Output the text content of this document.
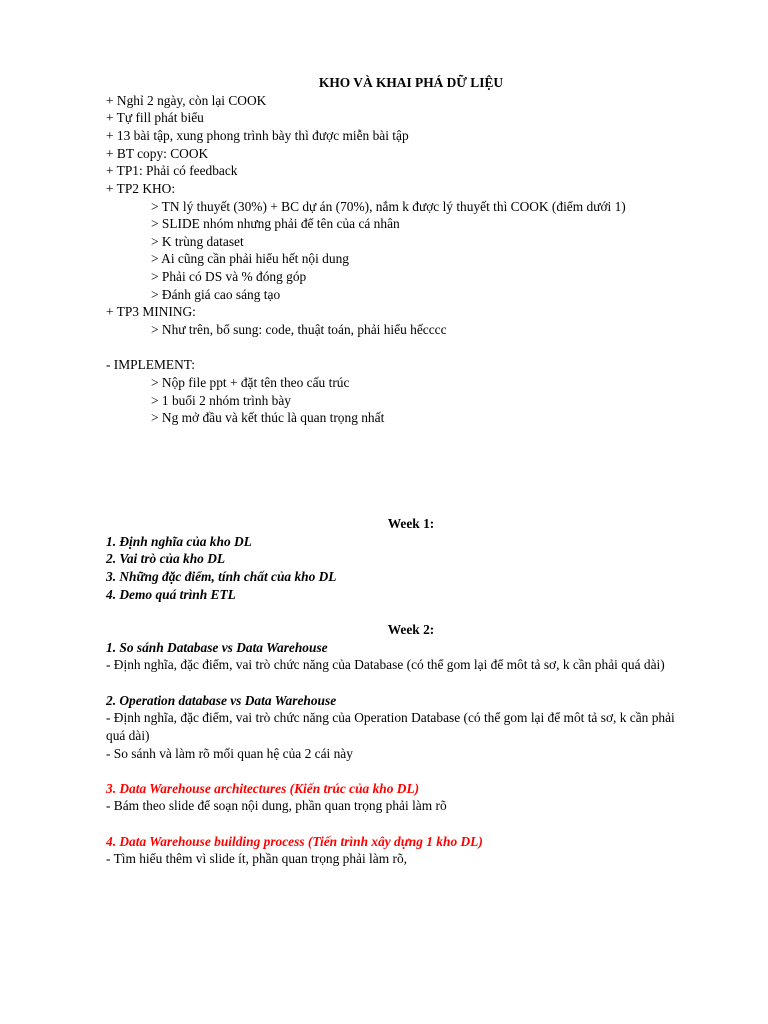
KHO VÀ KHAI PHÁ DỮ LIỆU
+ Nghỉ 2 ngày, còn lại COOK
+ Tự fill phát biểu
+ 13 bài tập, xung phong trình bày thì được miễn bài tập
+ BT copy: COOK
+ TP1: Phải có feedback
+ TP2 KHO:
> TN lý thuyết (30%) + BC dự án (70%), nắm k được lý thuyết thì COOK (điểm dưới 1)
> SLIDE nhóm nhưng phải để tên của cá nhân
> K trùng dataset
> Ai cũng cần phải hiểu hết nội dung
> Phải có DS và % đóng góp
> Đánh giá cao sáng tạo
+ TP3 MINING:
> Như trên, bổ sung: code, thuật toán, phải hiểu hếcccc
- IMPLEMENT:
> Nộp file ppt + đặt tên theo cấu trúc
> 1 buổi 2 nhóm trình bày
> Ng mở đầu và kết thúc là quan trọng nhất
Week 1:
1. Định nghĩa của kho DL
2. Vai trò của kho DL
3. Những đặc điểm, tính chất của kho DL
4. Demo quá trình ETL
Week 2:
1. So sánh Database vs Data Warehouse
- Định nghĩa, đặc điểm, vai trò chức năng của Database (có thể gom lại để môt tả sơ, k cần phải quá dài)
2. Operation database vs Data Warehouse
- Định nghĩa, đặc điểm, vai trò chức năng của Operation Database (có thể gom lại để môt tả sơ, k cần phải
quá dài)
- So sánh và làm rõ mối quan hệ của 2 cái này
3. Data Warehouse architectures (Kiến trúc của kho DL)
- Bám theo slide để soạn nội dung, phần quan trọng phải làm rõ
4. Data Warehouse building process (Tiến trình xây dựng 1 kho DL)
- Tìm hiểu thêm vì slide ít, phần quan trọng phải làm rõ,
